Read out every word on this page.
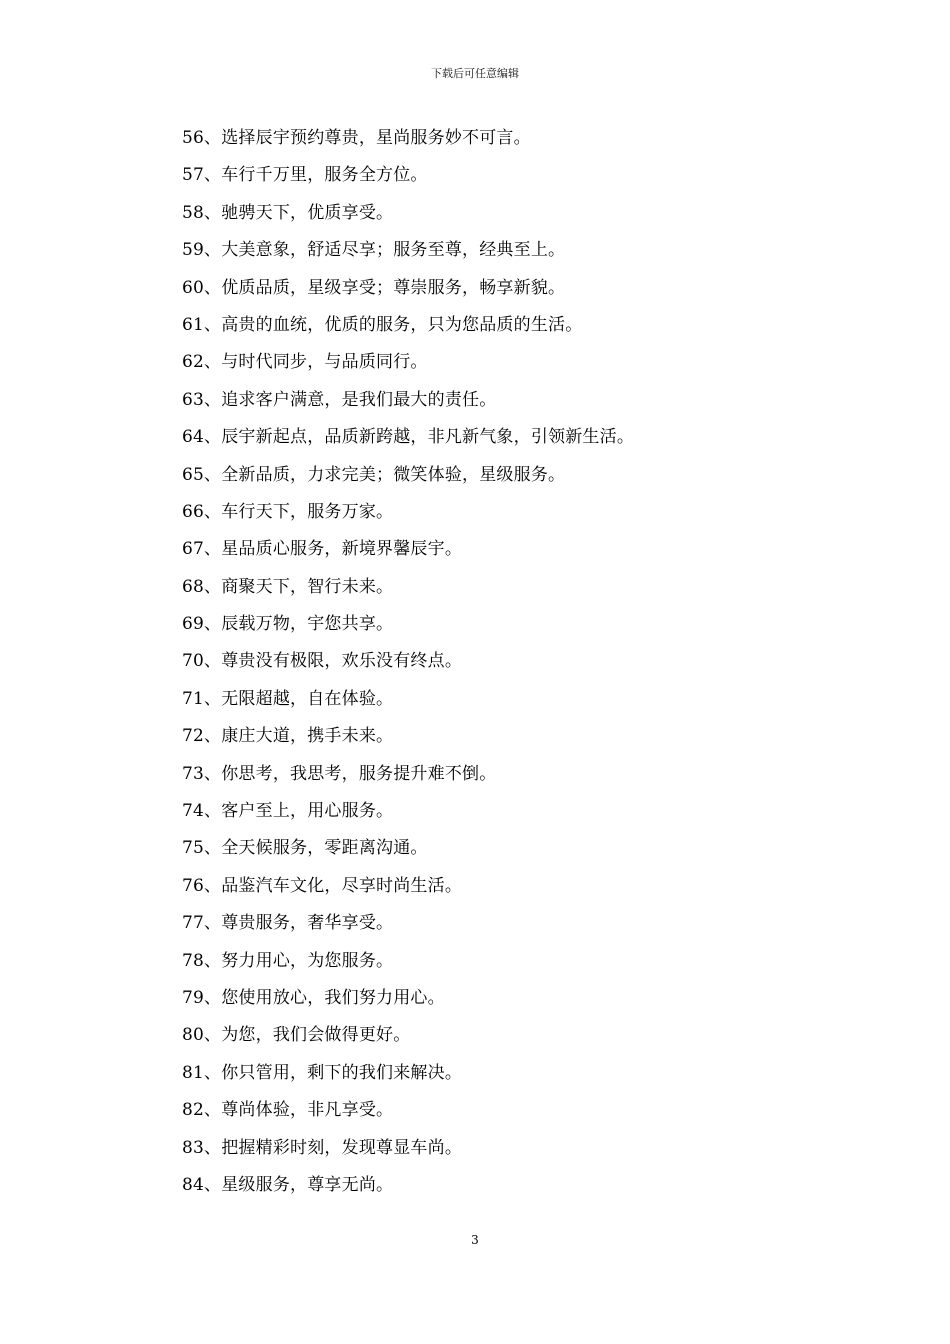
下载后可任意编辑
56、选择辰宇预约尊贵，星尚服务妙不可言。
57、车行千万里，服务全方位。
58、驰骋天下，优质享受。
59、大美意象，舒适尽享；服务至尊，经典至上。
60、优质品质，星级享受；尊崇服务，畅享新貌。
61、高贵的血统，优质的服务，只为您品质的生活。
62、与时代同步，与品质同行。
63、追求客户满意，是我们最大的责任。
64、辰宇新起点，品质新跨越，非凡新气象，引领新生活。
65、全新品质，力求完美；微笑体验，星级服务。
66、车行天下，服务万家。
67、星品质心服务，新境界馨辰宇。
68、商聚天下，智行未来。
69、辰载万物，宇您共享。
70、尊贵没有极限，欢乐没有终点。
71、无限超越，自在体验。
72、康庄大道，携手未来。
73、你思考，我思考，服务提升难不倒。
74、客户至上，用心服务。
75、全天候服务，零距离沟通。
76、品鉴汽车文化，尽享时尚生活。
77、尊贵服务，奢华享受。
78、努力用心，为您服务。
79、您使用放心，我们努力用心。
80、为您，我们会做得更好。
81、你只管用，剩下的我们来解决。
82、尊尚体验，非凡享受。
83、把握精彩时刻，发现尊显车尚。
84、星级服务，尊享无尚。
3
